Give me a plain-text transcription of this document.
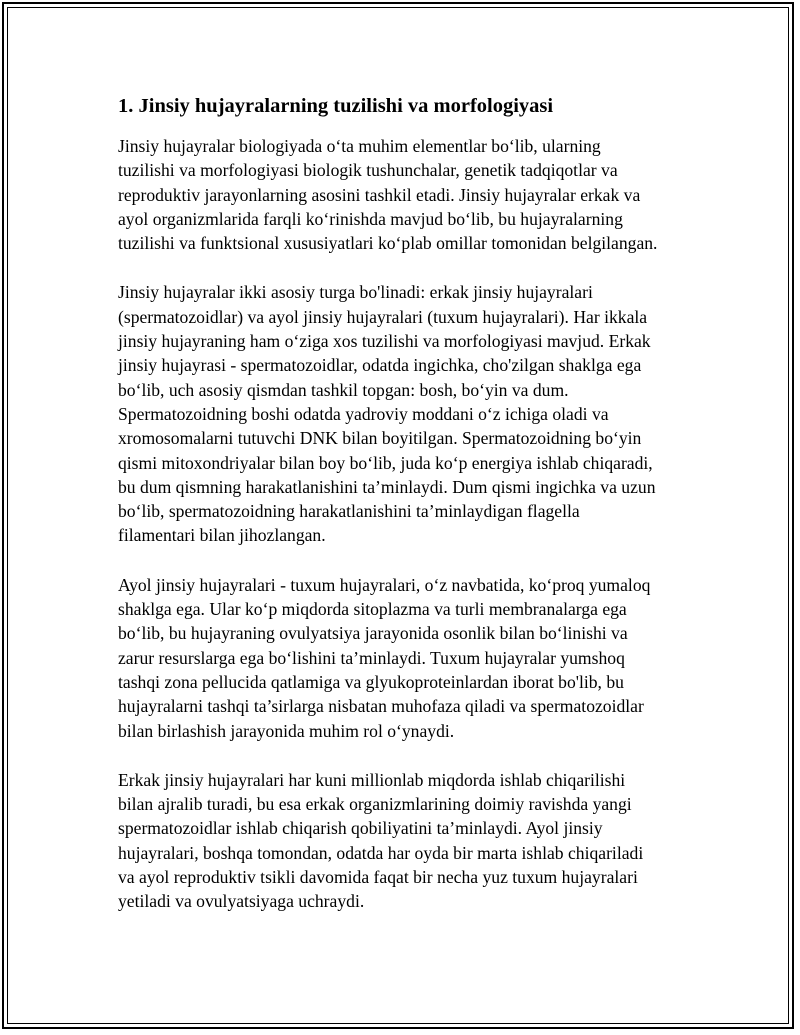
1. Jinsiy hujayralarning tuzilishi va morfologiyasi
Jinsiy hujayralar biologiyada o‘ta muhim elementlar bo‘lib, ularning
tuzilishi va morfologiyasi biologik tushunchalar, genetik tadqiqotlar va
reproduktiv jarayonlarning asosini tashkil etadi. Jinsiy hujayralar erkak va
ayol organizmlarida farqli ko‘rinishda mavjud bo‘lib, bu hujayralarning
tuzilishi va funktsional xususiyatlari ko‘plab omillar tomonidan belgilangan.
Jinsiy hujayralar ikki asosiy turga bo'linadi: erkak jinsiy hujayralari
(spermatozoidlar) va ayol jinsiy hujayralari (tuxum hujayralari). Har ikkala
jinsiy hujayraning ham o‘ziga xos tuzilishi va morfologiyasi mavjud. Erkak
jinsiy hujayrasi - spermatozoidlar, odatda ingichka, cho'zilgan shaklga ega
bo‘lib, uch asosiy qismdan tashkil topgan: bosh, bo‘yin va dum.
Spermatozoidning boshi odatda yadroviy moddani o‘z ichiga oladi va
xromosomalarni tutuvchi DNK bilan boyitilgan. Spermatozoidning bo‘yin
qismi mitoxondriyalar bilan boy bo‘lib, juda ko‘p energiya ishlab chiqaradi,
bu dum qismning harakatlanishini ta’minlaydi. Dum qismi ingichka va uzun
bo‘lib, spermatozoidning harakatlanishini ta’minlaydigan flagella
filamentari bilan jihozlangan.
Ayol jinsiy hujayralari - tuxum hujayralari, o‘z navbatida, ko‘proq yumaloq
shaklga ega. Ular ko‘p miqdorda sitoplazma va turli membranalarga ega
bo‘lib, bu hujayraning ovulyatsiya jarayonida osonlik bilan bo‘linishi va
zarur resurslarga ega bo‘lishini ta’minlaydi. Tuxum hujayralar yumshoq
tashqi zona pellucida qatlamiga va glyukoproteinlardan iborat bo'lib, bu
hujayralarni tashqi ta’sirlarga nisbatan muhofaza qiladi va spermatozoidlar
bilan birlashish jarayonida muhim rol o‘ynaydi.
Erkak jinsiy hujayralari har kuni millionlab miqdorda ishlab chiqarilishi
bilan ajralib turadi, bu esa erkak organizmlarining doimiy ravishda yangi
spermatozoidlar ishlab chiqarish qobiliyatini ta’minlaydi. Ayol jinsiy
hujayralari, boshqa tomondan, odatda har oyda bir marta ishlab chiqariladi
va ayol reproduktiv tsikli davomida faqat bir necha yuz tuxum hujayralari
yetiladi va ovulyatsiyaga uchraydi.
